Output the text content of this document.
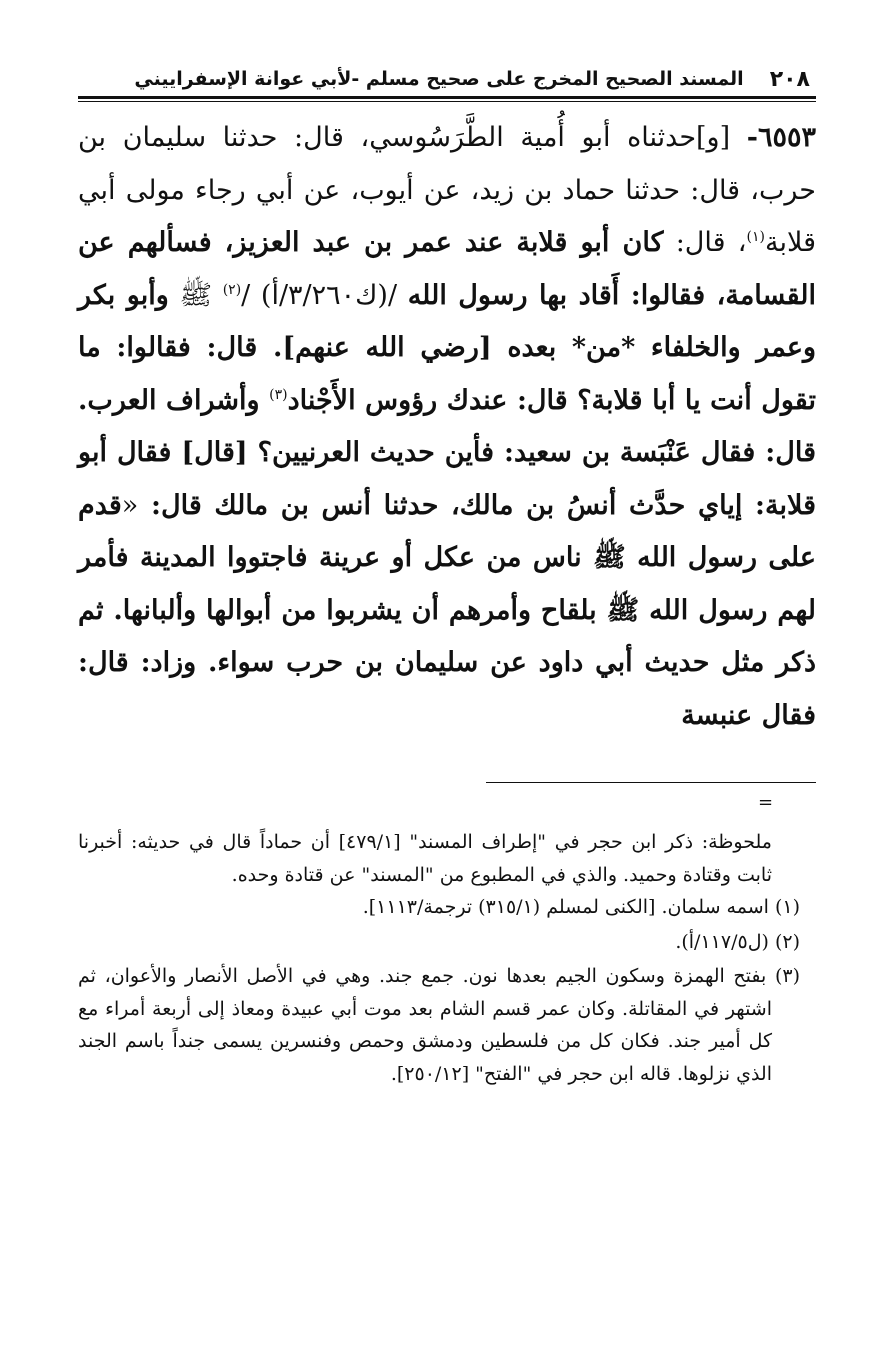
٢٠٨
المسند الصحيح المخرج على صحيح مسلم -لأبي عوانة الإسفراييني
٦٥٥٣- [و]حدثناه أبو أُمية الطَّرَسُوسي، قال: حدثنا سليمان بن حرب، قال: حدثنا حماد بن زيد، عن أيوب، عن أبي رجاء مولى أبي قلابة$^{(١)}$، قال: كان أبو قلابة عند عمر بن عبد العزيز، فسألهم عن القسامة، فقالوا: أَقاد بها رسول الله /(ك٣/٢٦٠/أ) /$^{(٢)}$ ﷺ وأبو بكر وعمر والخلفاء *من* بعده [رضي الله عنهم]. قال: فقالوا: ما تقول أنت يا أبا قلابة؟ قال: عندك رؤوس الأَجْناد$^{(٣)}$ وأشراف العرب. قال: فقال عَنْبَسة بن سعيد: فأين حديث العرنيين؟ [قال] فقال أبو قلابة: إياي حدَّث أنسُ بن مالك، حدثنا أنس بن مالك قال: «قدم على رسول الله ﷺ ناس من عكل أو عرينة فاجتووا المدينة فأمر لهم رسول الله ﷺ بلقاح وأمرهم أن يشربوا من أبوالها وألبانها. ثم ذكر مثل حديث أبي داود عن سليمان بن حرب سواء. وزاد: قال: فقال عنبسة
=

ملحوظة: ذكر ابن حجر في "إطراف المسند" [٤٧٩/١] أن حماداً قال في حديثه: أخبرنا ثابت وقتادة وحميد. والذي في المطبوع من "المسند" عن قتادة وحده.

(١) اسمه سلمان. [الكنى لمسلم (٣١٥/١) ترجمة/١١١٣].

(٢) (ل١١٧/٥/أ).

(٣) بفتح الهمزة وسكون الجيم بعدها نون. جمع جند. وهي في الأصل الأنصار والأعوان، ثم اشتهر في المقاتلة. وكان عمر قسم الشام بعد موت أبي عبيدة ومعاذ إلى أربعة أمراء مع كل أمير جند. فكان كل من فلسطين ودمشق وحمص وفنسرين يسمى جنداً باسم الجند الذي نزلوها. قاله ابن حجر في "الفتح" [٢٥٠/١٢].
